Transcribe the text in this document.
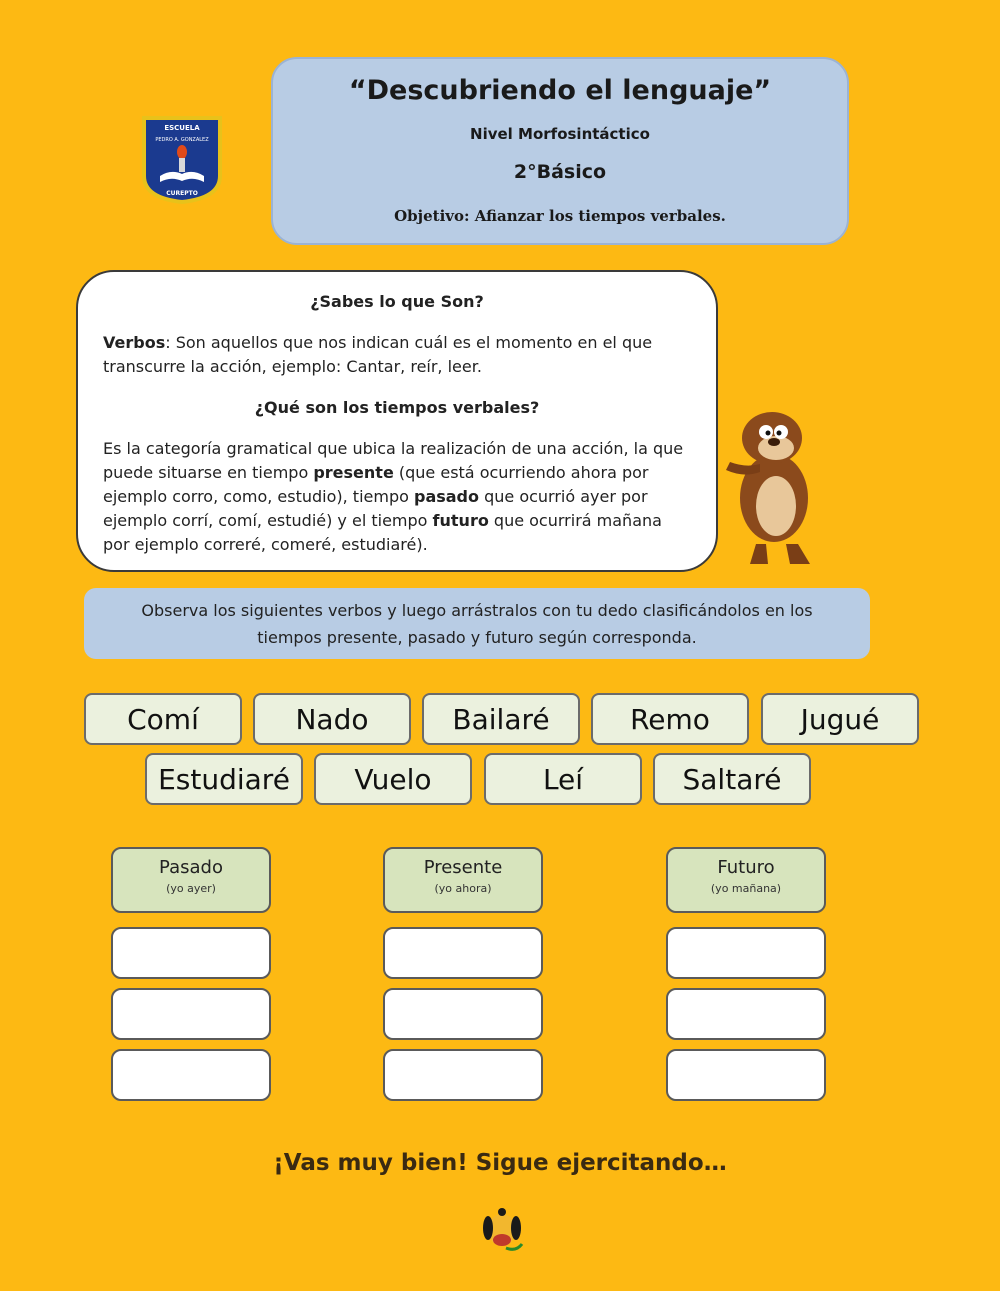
ESCUELA
PEDRO A. GONZALEZ
CUREPTO
“Descubriendo el lenguaje”
Nivel Morfosintáctico
2°Básico
Objetivo: Afianzar los tiempos verbales.
¿Sabes lo que Son?
Verbos: Son aquellos que nos indican cuál es el momento en el que transcurre la acción, ejemplo: Cantar, reír, leer.
¿Qué son los tiempos verbales?
Es la categoría gramatical que ubica la realización de una acción, la que puede situarse en tiempo presente (que está ocurriendo ahora por ejemplo corro, como, estudio), tiempo pasado que ocurrió ayer por ejemplo corrí, comí, estudié) y el tiempo futuro que ocurrirá mañana por ejemplo correré, comeré, estudiaré).
Observa los siguientes verbos y luego arrástralos con tu dedo clasificándolos en los tiempos presente, pasado y futuro según corresponda.
Comí	Nado	Bailaré	Remo	Jugué
Estudiaré	Vuelo	Leí	Saltaré
Pasado
(yo ayer)
Presente
(yo ahora)
Futuro
(yo mañana)
¡Vas muy bien! Sigue ejercitando…
